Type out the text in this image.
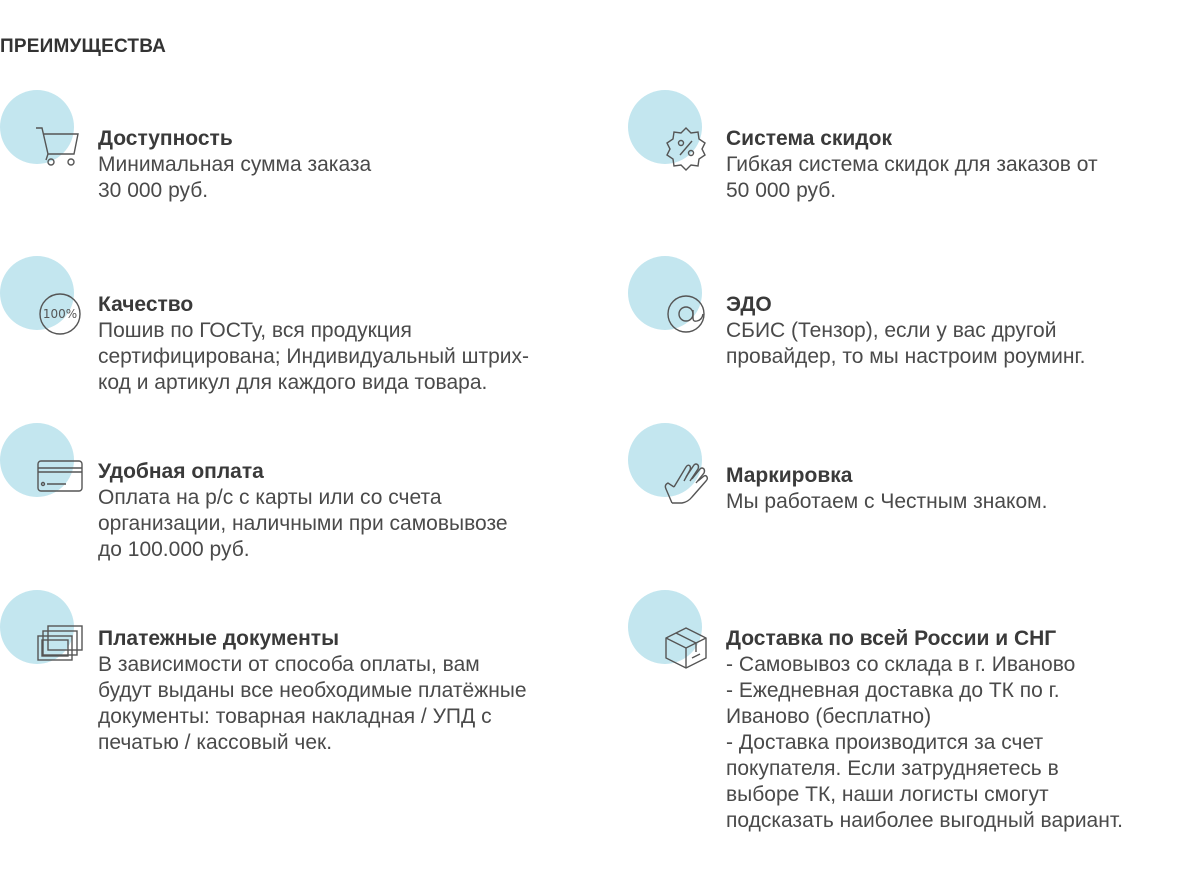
ПРЕИМУЩЕСТВА
Доступность
Минимальная сумма заказа
30 000 руб.
Система скидок
Гибкая система скидок для заказов от
50 000 руб.
100% Качество
Пошив по ГОСТу, вся продукция
сертифицирована; Индивидуальный штрих-
код и артикул для каждого вида товара.
ЭДО
СБИС (Тензор), если у вас другой
провайдер, то мы настроим роуминг.
Удобная оплата
Оплата на р/с с карты или со счета
организации, наличными при самовывозе
до 100.000 руб.
Маркировка
Мы работаем с Честным знаком.
Платежные документы
В зависимости от способа оплаты, вам
будут выданы все необходимые платёжные
документы: товарная накладная / УПД с
печатью / кассовый чек.
Доставка по всей России и СНГ
- Самовывоз со склада в г. Иваново
- Ежедневная доставка до ТК по г.
Иваново (бесплатно)
- Доставка производится за счет
покупателя. Если затрудняетесь в
выборе ТК, наши логисты смогут
подсказать наиболее выгодный вариант.
